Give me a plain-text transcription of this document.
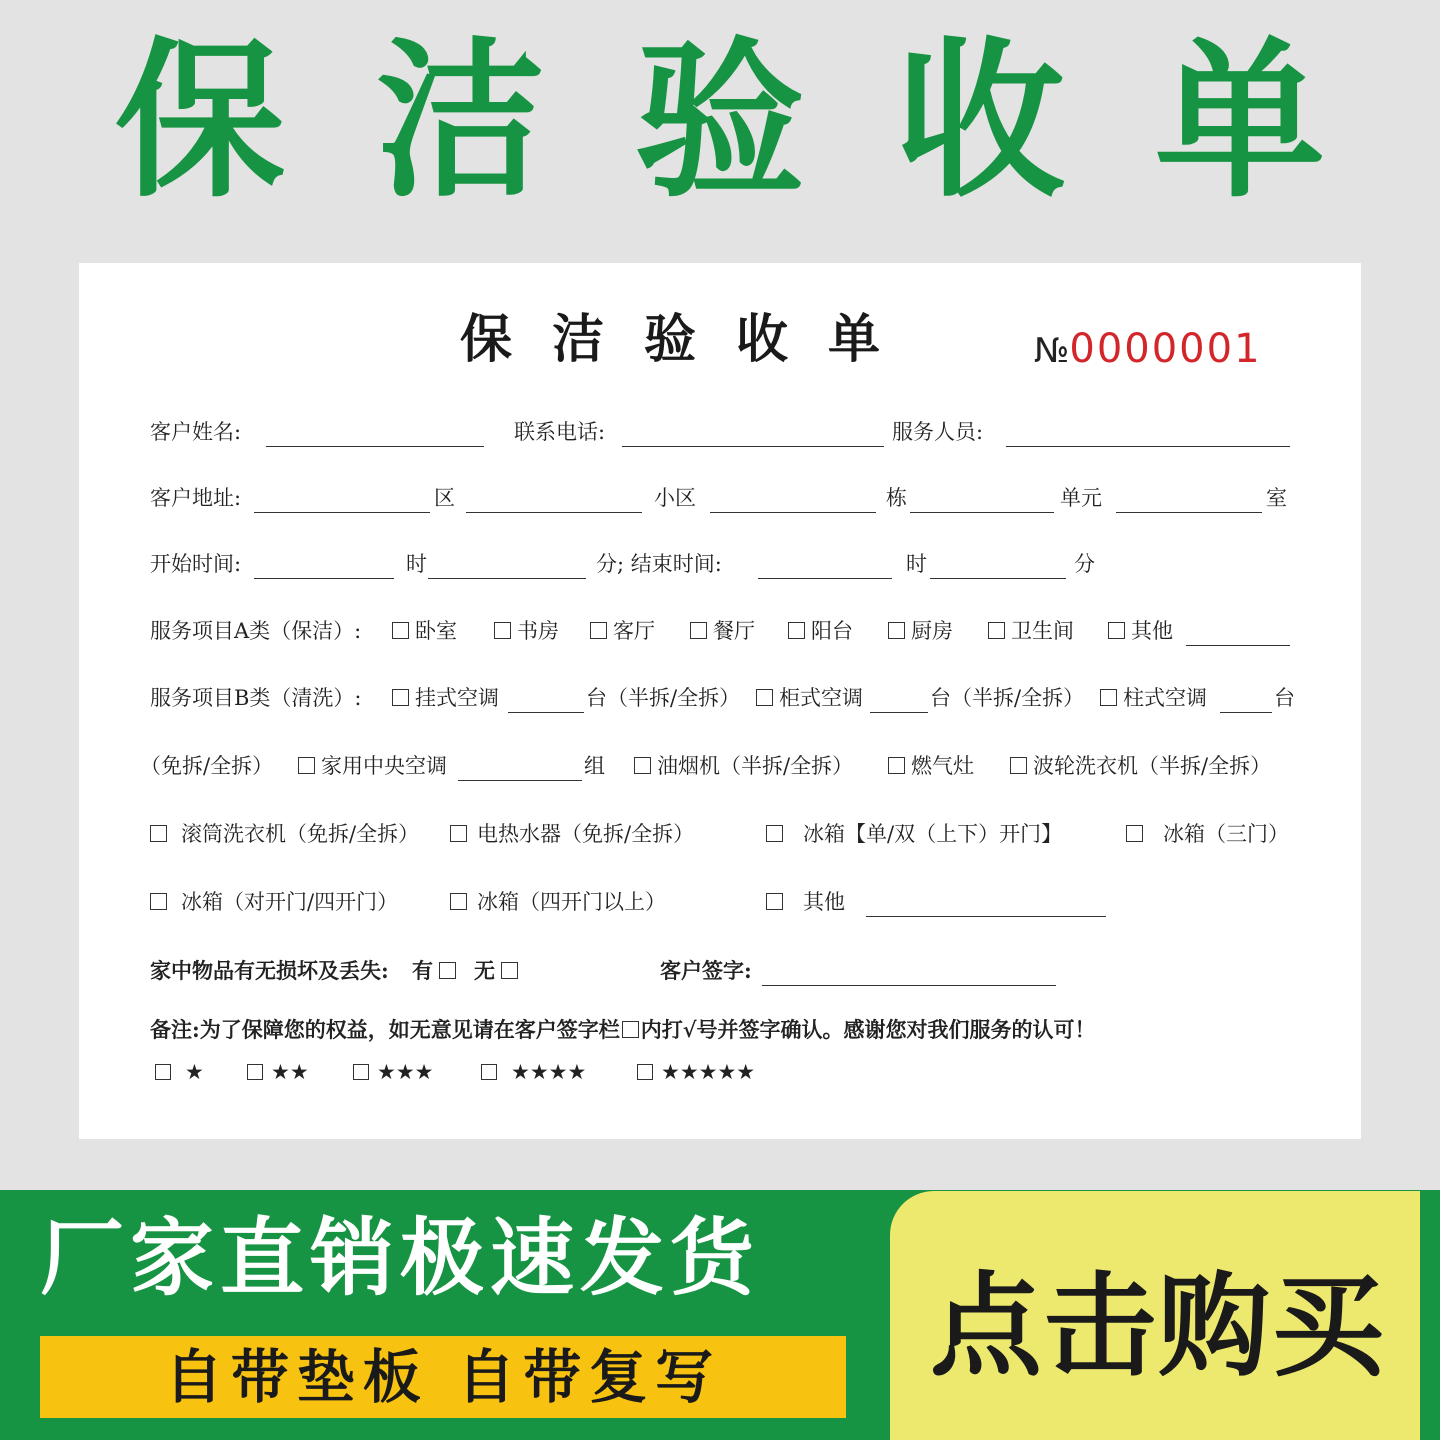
保洁验收单
保洁验收单	№0000001
客户姓名:	联系电话:	服务人员:
客户地址:	区	小区	栋	单元	室
开始时间:	时	分; 结束时间:	时	分
服务项目A类（保洁）:	卧室	书房	客厅	餐厅	阳台	厨房	卫生间	其他
服务项目B类（清洗）:	挂式空调	台（半拆/全拆）	柜式空调	台（半拆/全拆）	柱式空调	台
（免拆/全拆）	家用中央空调	组	油烟机（半拆/全拆）	燃气灶	波轮洗衣机（半拆/全拆）
滚筒洗衣机（免拆/全拆）	电热水器（免拆/全拆）	冰箱【单/双（上下）开门】	冰箱（三门）
冰箱（对开门/四开门）	冰箱（四开门以上）	其他
家中物品有无损坏及丢失: 有	无	客户签字:
备注:为了保障您的权益，如无意见请在客户签字栏 内打√号并签字确认。感谢您对我们服务的认可！
★	★★	★★★	★★★★	★★★★★
厂家直销极速发货
自带垫板 自带复写	点击购买
